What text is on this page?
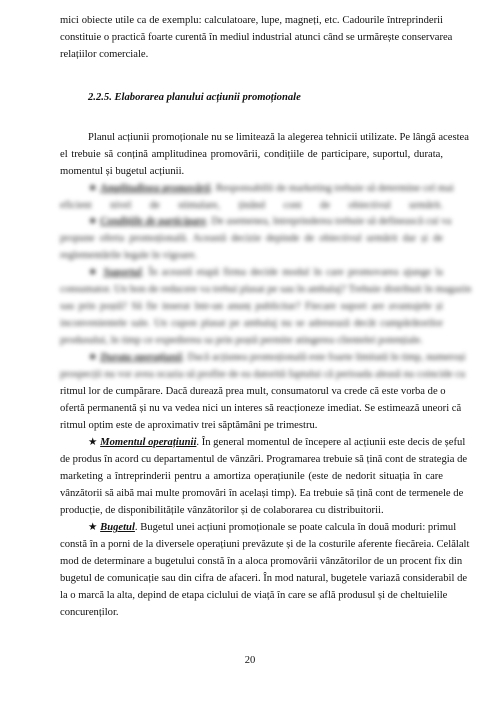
2.2.5. Elaborarea planului acțiunii promoționale
mici obiecte utile ca de exemplu: calculatoare, lupe, magneți, etc. Cadourile întreprinderii
constituie o practică foarte curentă în mediul industrial atunci când se urmărește conservarea
relațiilor comerciale.
Planul acțiunii promoționale nu se limitează la alegerea tehnicii utilizate. Pe lângă acestea
el trebuie să conțină amplitudinea promovării, condițiile de participare, suportul, durata,
momentul și bugetul acțiunii.
eficient nivel de stimulare, ținând cont de obiectivul urmărit.
propune oferta promoțională. Această decizie depinde de obiectivul urmărit dar și de
reglementările legale în vigoare.
consumator. Un bon de reducere va trebui plasat pe sau în ambalaj? Trebuie distribuit în magazin
sau prin poștă? Să fie inserat într-un anunț publicitar? Fiecare suport are avantajele și
inconvenientele sale. Un cupon plasat pe ambalaj nu se adresează decât cumpărătorilor
produsului, în timp ce expedierea sa prin poștă permite atingerea clientelei potențiale.
prospecții nu vor avea ocazia să profite de ea datorită faptului că perioada aleasă nu coincide cu
ritmul lor de cumpărare. Dacă durează prea mult, consumatorul va crede că este vorba de o
ofertă permanentă și nu va vedea nici un interes să reacționeze imediat. Se estimează uneori că
ritmul optim este de aproximativ trei săptămâni pe trimestru.
de produs în acord cu departamentul de vânzări. Programarea trebuie să țină cont de strategia de
marketing a întreprinderii pentru a amortiza operațiunile (este de nedorit situația în care
vânzătorii să aibă mai multe promovări în același timp). Ea trebuie să țină cont de termenele de
producție, de disponibilitățile vânzătorilor și de colaborarea cu distribuitorii.
constă în a porni de la diversele operațiuni prevăzute și de la costurile aferente fiecăreia. Celălalt
mod de determinare a bugetului constă în a aloca promovării vânzătorilor de un procent fix din
bugetul de comunicație sau din cifra de afaceri. În mod natural, bugetele variază considerabil de
la o marcă la alta, depind de etapa ciclului de viață în care se află produsul și de cheltuielile
concurenților.
★ Amplitudinea promovării. Responsabilii de marketing trebuie să determine cel mai
★ Condițiile de participare. De asemenea, întreprinderea trebuie să definească cui va
★ Suportul. În această etapă firma decide modul în care promovarea ajunge la
★ Durata operațiunii. Dacă acțiunea promoțională este foarte limitată în timp, numeroși
★ Momentul operațiunii. În general momentul de începere al acțiunii este decis de șeful
★ Bugetul. Bugetul unei acțiuni promoționale se poate calcula în două moduri: primul
20
